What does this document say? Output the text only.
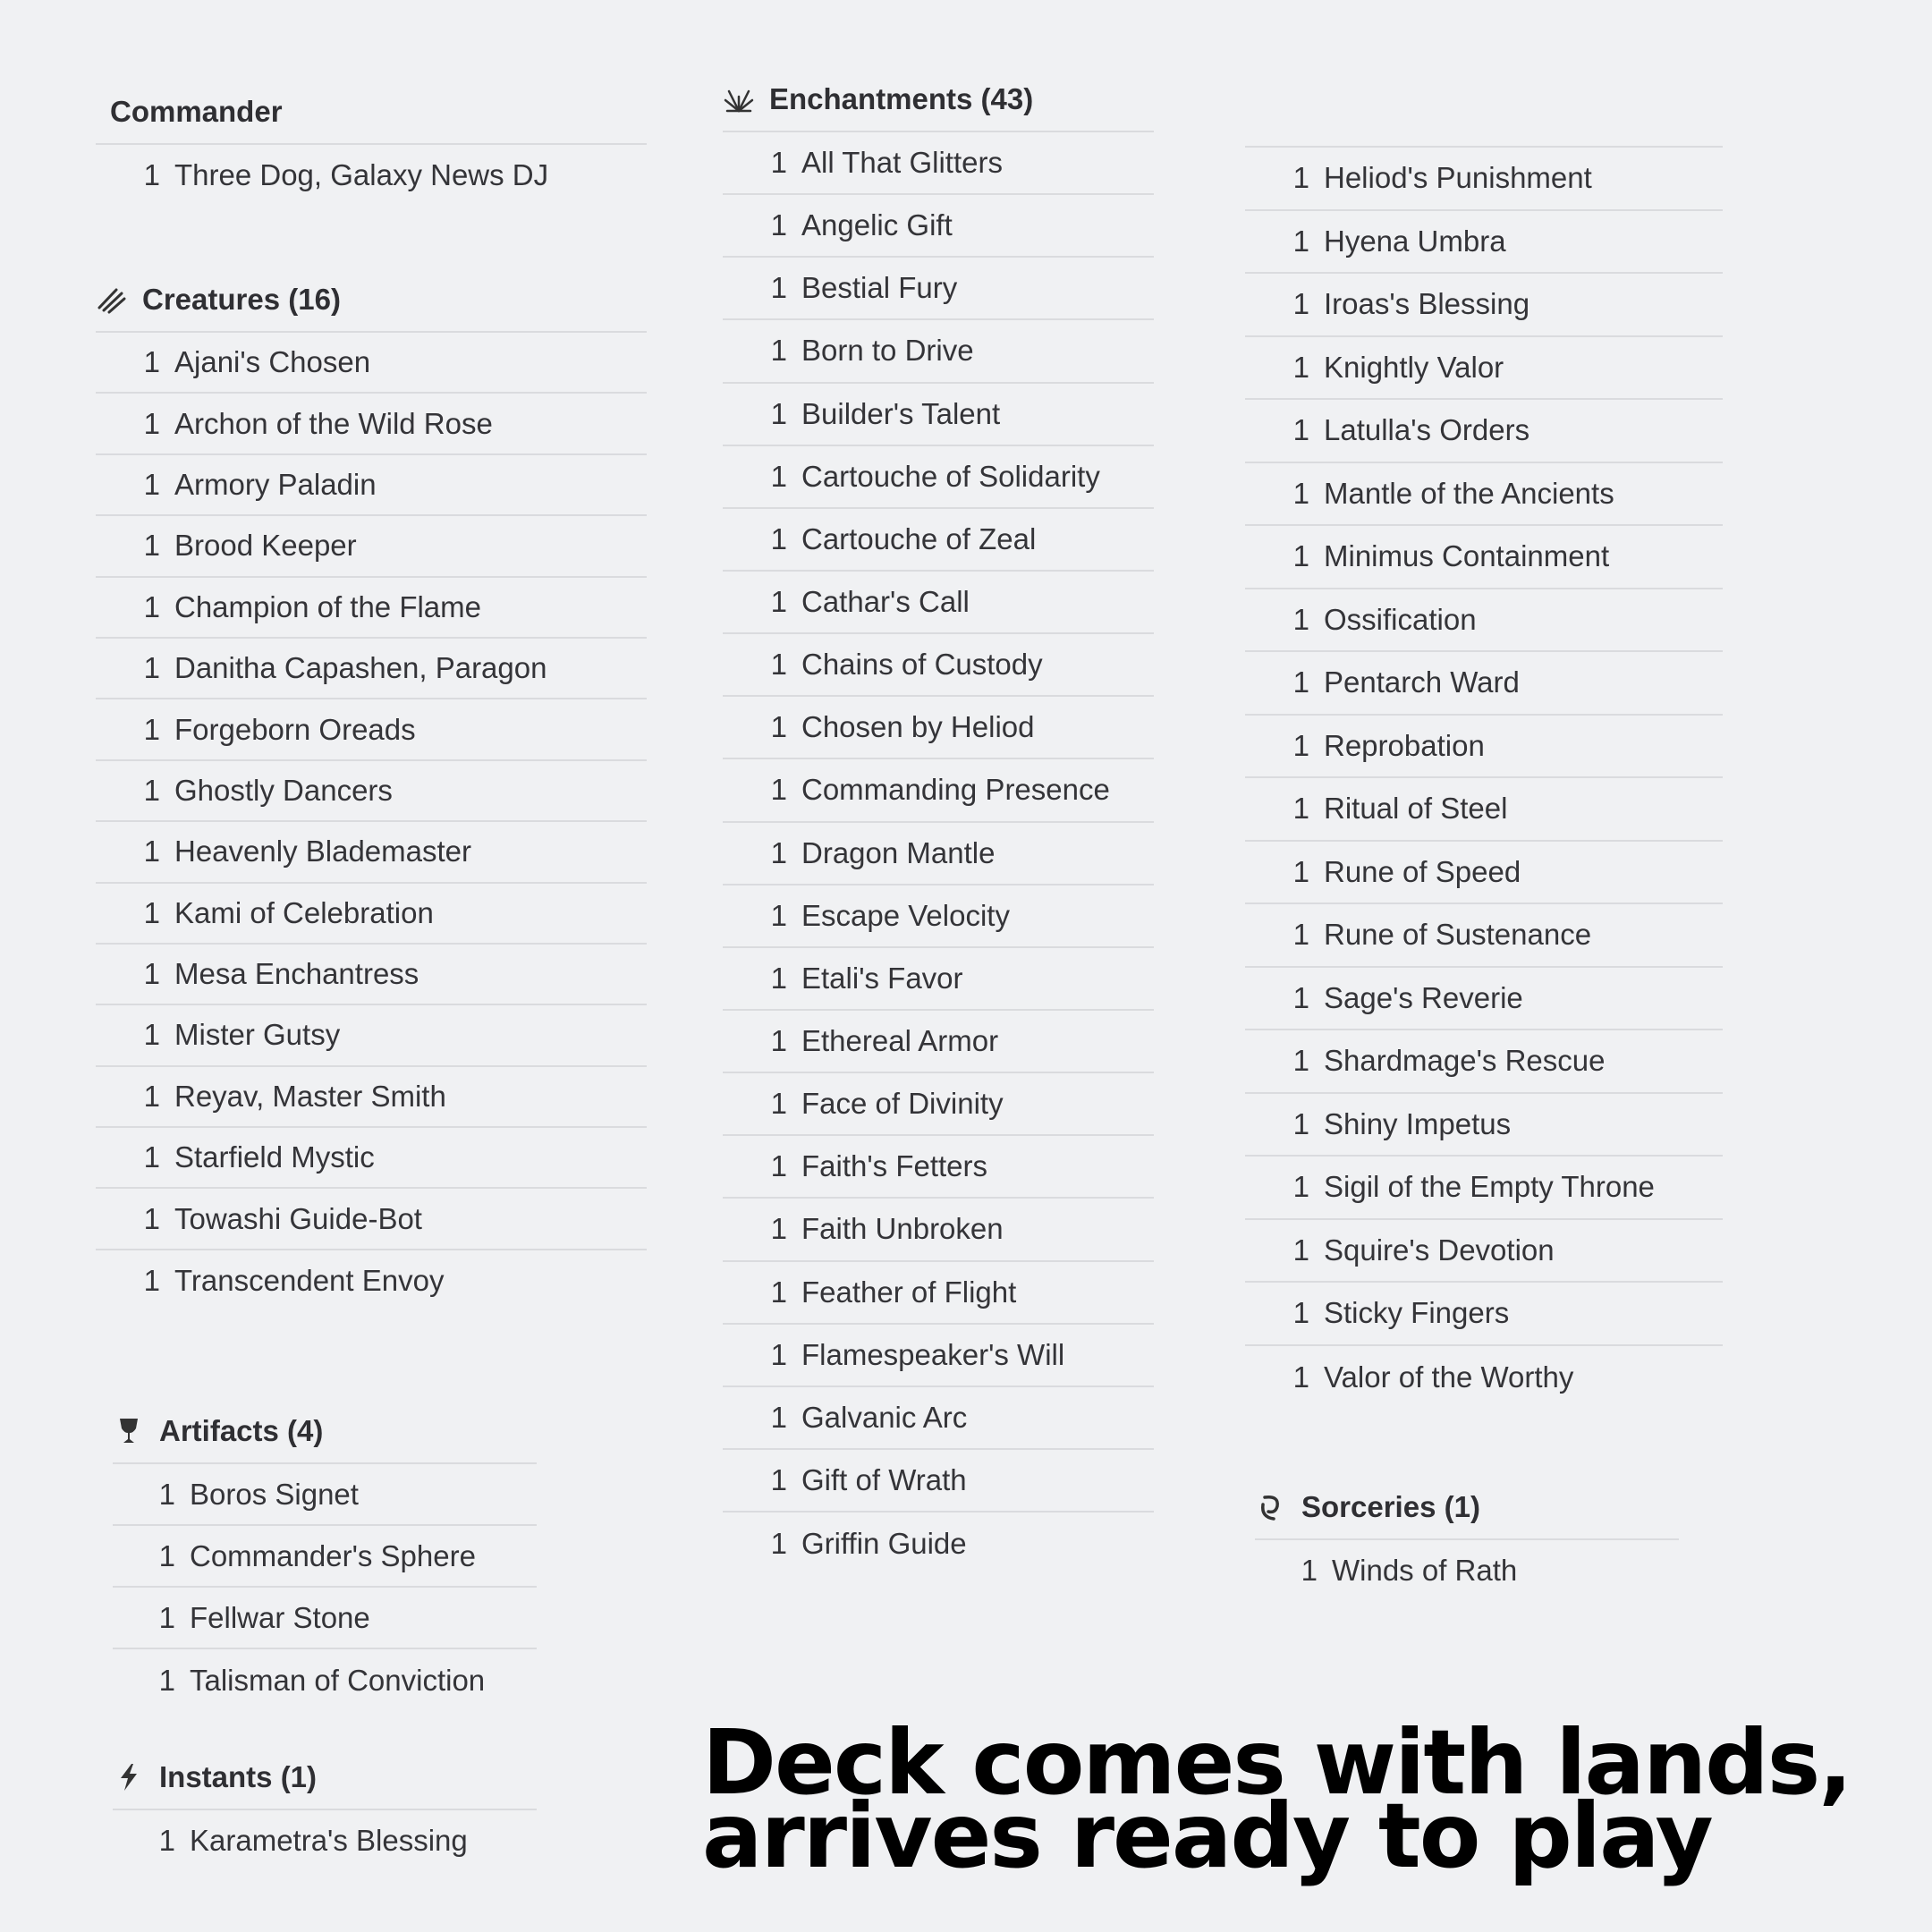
Commander
1 Three Dog, Galaxy News DJ
Creatures (16)
1 Ajani's Chosen
1 Archon of the Wild Rose
1 Armory Paladin
1 Brood Keeper
1 Champion of the Flame
1 Danitha Capashen, Paragon
1 Forgeborn Oreads
1 Ghostly Dancers
1 Heavenly Blademaster
1 Kami of Celebration
1 Mesa Enchantress
1 Mister Gutsy
1 Reyav, Master Smith
1 Starfield Mystic
1 Towashi Guide-Bot
1 Transcendent Envoy
Artifacts (4)
1 Boros Signet
1 Commander's Sphere
1 Fellwar Stone
1 Talisman of Conviction
Instants (1)
1 Karametra's Blessing
Enchantments (43)
1 All That Glitters
1 Angelic Gift
1 Bestial Fury
1 Born to Drive
1 Builder's Talent
1 Cartouche of Solidarity
1 Cartouche of Zeal
1 Cathar's Call
1 Chains of Custody
1 Chosen by Heliod
1 Commanding Presence
1 Dragon Mantle
1 Escape Velocity
1 Etali's Favor
1 Ethereal Armor
1 Face of Divinity
1 Faith's Fetters
1 Faith Unbroken
1 Feather of Flight
1 Flamespeaker's Will
1 Galvanic Arc
1 Gift of Wrath
1 Griffin Guide
1 Heliod's Punishment
1 Hyena Umbra
1 Iroas's Blessing
1 Knightly Valor
1 Latulla's Orders
1 Mantle of the Ancients
1 Minimus Containment
1 Ossification
1 Pentarch Ward
1 Reprobation
1 Ritual of Steel
1 Rune of Speed
1 Rune of Sustenance
1 Sage's Reverie
1 Shardmage's Rescue
1 Shiny Impetus
1 Sigil of the Empty Throne
1 Squire's Devotion
1 Sticky Fingers
1 Valor of the Worthy
Sorceries (1)
1 Winds of Rath
Deck comes with lands,
arrives ready to play
